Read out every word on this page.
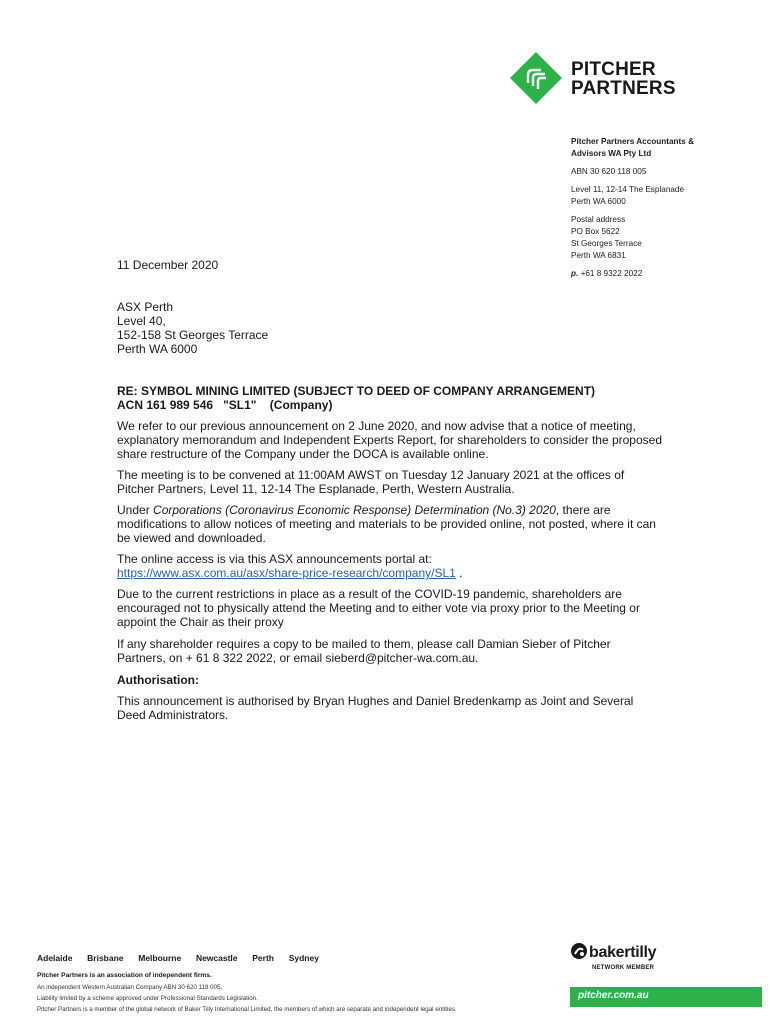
PITCHER
PARTNERS
Pitcher Partners Accountants &
Advisors WA Pty Ltd
ABN 30 620 118 005
Level 11, 12-14 The Esplanade
Perth WA 6000
Postal address
PO Box 5622
St Georges Terrace
Perth WA 6831
p. +61 8 9322 2022
11 December 2020
ASX Perth
Level 40,
152-158 St Georges Terrace
Perth WA 6000
RE: SYMBOL MINING LIMITED (SUBJECT TO DEED OF COMPANY ARRANGEMENT)
ACN 161 989 546   "SL1"    (Company)
We refer to our previous announcement on 2 June 2020, and now advise that a notice of meeting, explanatory memorandum and Independent Experts Report, for shareholders to consider the proposed share restructure of the Company under the DOCA is available online.
The meeting is to be convened at 11:00AM AWST on Tuesday 12 January 2021 at the offices of Pitcher Partners, Level 11, 12-14 The Esplanade, Perth, Western Australia.
Under Corporations (Coronavirus Economic Response) Determination (No.3) 2020, there are modifications to allow notices of meeting and materials to be provided online, not posted, where it can be viewed and downloaded.
The online access is via this ASX announcements portal at:
https://www.asx.com.au/asx/share-price-research/company/SL1 .
Due to the current restrictions in place as a result of the COVID-19 pandemic, shareholders are encouraged not to physically attend the Meeting and to either vote via proxy prior to the Meeting or appoint the Chair as their proxy
If any shareholder requires a copy to be mailed to them, please call Damian Sieber of Pitcher Partners, on + 61 8 322 2022, or email sieberd@pitcher-wa.com.au.
Authorisation:
This announcement is authorised by Bryan Hughes and Daniel Bredenkamp as Joint and Several Deed Administrators.
Adelaide  Brisbane  Melbourne  Newcastle  Perth  Sydney
Pitcher Partners is an association of independent firms.
An independent Western Australian Company ABN 30 620 118 005.
Liability limited by a scheme approved under Professional Standards Legislation.
Pitcher Partners is a member of the global network of Baker Tilly International Limited, the members of which are separate and independent legal entities.
bakertilly
NETWORK MEMBER
pitcher.com.au
